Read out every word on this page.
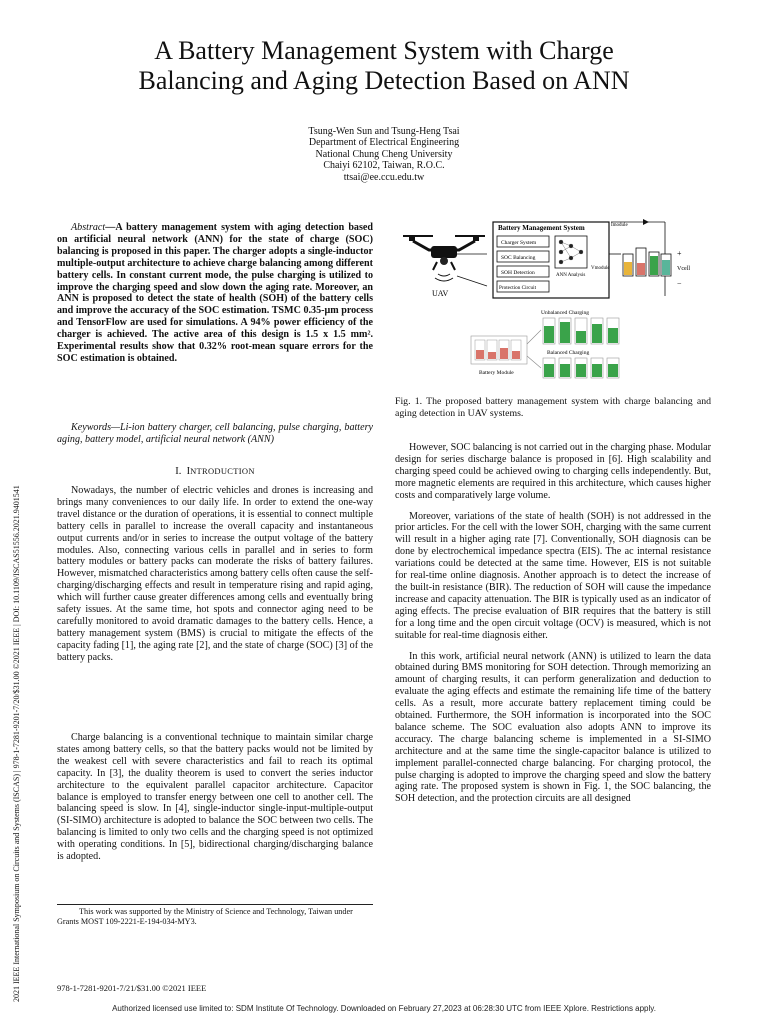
A Battery Management System with Charge
Balancing and Aging Detection Based on ANN
Tsung-Wen Sun and Tsung-Heng Tsai
Department of Electrical Engineering
National Chung Cheng University
Chaiyi 62102, Taiwan, R.O.C.
ttsai@ee.ccu.edu.tw
2021 IEEE International Symposium on Circuits and Systems (ISCAS) | 978-1-7281-9201-7/20/$31.00 ©2021 IEEE | DOI: 10.1109/ISCAS51556.2021.9401541

Abstract—A battery management system with aging detection based on artificial neural network (ANN) for the state of charge (SOC) balancing is proposed in this paper. The charger adopts a single-inductor multiple-output architecture to achieve charge balancing among different battery cells. In constant current mode, the pulse charging is utilized to improve the charging speed and slow down the aging rate. Moreover, an ANN is proposed to detect the state of health (SOH) of the battery cells and improve the accuracy of the SOC estimation. TSMC 0.35-μm process and TensorFlow are used for simulations. A 94% power efficiency of the charger is achieved. The active area of this design is 1.5 x 1.5 mm². Experimental results show that 0.32% root-mean square errors for the SOC estimation is obtained.

Keywords—Li-ion battery charger, cell balancing, pulse charging, battery aging, battery model, artificial neural network (ANN)

I. INTRODUCTION

Nowadays, the number of electric vehicles and drones is increasing and brings many conveniences to our daily life. In order to extend the one-way travel distance or the duration of operations, it is essential to connect multiple battery cells in parallel to increase the overall capacity and instantaneous output currents and/or in series to increase the output voltage of the battery modules. Also, connecting various cells in parallel and in series to form battery modules or battery packs can moderate the risks of battery failures. However, mismatched characteristics among battery cells often cause the self-charging/discharging effects and result in temperature rising and rapid aging, which will further cause greater differences among cells and eventually bring safety issues. At the same time, hot spots and connector aging need to be carefully monitored to avoid dramatic damages to the battery cells. Hence, a battery management system (BMS) is crucial to mitigate the effects of the capacity fading [1], the aging rate [2], and the state of charge (SOC) [3] of the battery packs.

Charge balancing is a conventional technique to maintain similar charge states among battery cells, so that the battery packs would not be limited by the weakest cell with severe characteristics and fail to reach its optimal capacity. In [3], the duality theorem is used to convert the series inductor architecture to the equivalent parallel capacitor architecture. Capacitor balance is employed to transfer energy between one cell to another cell. The balancing speed is slow. In [4], single-inductor single-input-multiple-output (SI-SIMO) architecture is adopted to balance the SOC between two cells. The balancing is limited to only two cells and the charging speed is not optimized with operating conditions. In [5], bidirectional charging/discharging balance is adopted.

This work was supported by the Ministry of Science and Technology, Taiwan under Grants MOST 109-2221-E-194-034-MY3.
UAV
Battery Management System	Imodule
Charger System
SOC Balancing
SOH Detection
Protection Circuit
ANN Analysis
Vmodule	Vcell
+
−
Unbalanced Charging
Balanced Charging
Battery Module
Fig. 1. The proposed battery management system with charge balancing and aging detection in UAV systems.

However, SOC balancing is not carried out in the charging phase. Modular design for series discharge balance is proposed in [6]. High scalability and charging speed could be achieved owing to charging cells independently. But, more magnetic elements are required in this architecture, which causes higher costs and comparatively large volume.

Moreover, variations of the state of health (SOH) is not addressed in the prior articles. For the cell with the lower SOH, charging with the same current will result in a higher aging rate [7]. Conventionally, SOH diagnosis can be done by electrochemical impedance spectra (EIS). The ac internal resistance variations could be detected at the same time. However, EIS is not suitable for real-time online diagnosis. Another approach is to detect the increase of the built-in resistance (BIR). The reduction of SOH will cause the impedance increase and capacity attenuation. The BIR is typically used as an indicator of aging effects. The precise evaluation of BIR requires that the battery is still for a long time and the open circuit voltage (OCV) is measured, which is not suitable for real-time diagnosis either.

In this work, artificial neural network (ANN) is utilized to learn the data obtained during BMS monitoring for SOH detection. Through memorizing an amount of charging results, it can perform generalization and deduction to evaluate the aging effects and estimate the remaining life time of the battery cells. As a result, more accurate battery replacement timing could be obtained. Furthermore, the SOH information is incorporated into the SOC balance scheme. The SOC evaluation also adopts ANN to improve its accuracy. The charge balancing scheme is implemented in a SI-SIMO architecture and at the same time the single-capacitor balance is utilized to implement parallel-connected charge balancing. For charging protocol, the pulse charging is adopted to improve the charging speed and slow the battery aging rate. The proposed system is shown in Fig. 1, the SOC balancing, the SOH detection, and the protection circuits are all designed

978-1-7281-9201-7/21/$31.00 ©2021 IEEE
Authorized licensed use limited to: SDM Institute Of Technology. Downloaded on February 27,2023 at 06:28:30 UTC from IEEE Xplore. Restrictions apply.
